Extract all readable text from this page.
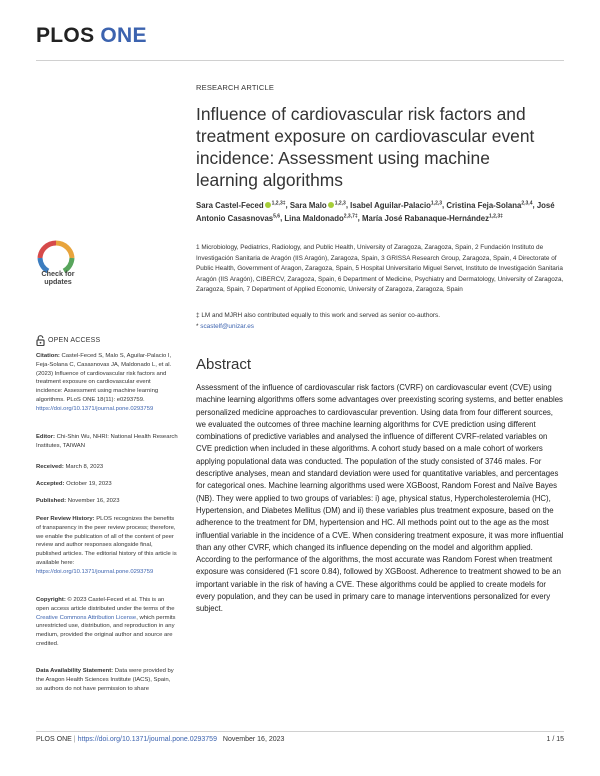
PLOS ONE
RESEARCH ARTICLE
Influence of cardiovascular risk factors and treatment exposure on cardiovascular event incidence: Assessment using machine learning algorithms
Sara Castel-Feced $^{1,2,3\ddagger}$, Sara Malo $^{1,2,3}$, Isabel Aguilar-Palacio$^{1,2,3}$, Cristina Feja-Solana$^{2,3,4}$, José Antonio Casasnovas$^{5,6}$, Lina Maldonado$^{2,3,7\ddagger}$, María José Rabanaque-Hernández$^{1,2,3\ddagger}$
1 Microbiology, Pediatrics, Radiology, and Public Health, University of Zaragoza, Zaragoza, Spain, 2 Fundación Instituto de Investigación Sanitaria de Aragón (IIS Aragón), Zaragoza, Spain, 3 GRISSA Research Group, Zaragoza, Spain, 4 Directorate of Public Health, Government of Aragon, Zaragoza, Spain, 5 Hospital Universitario Miguel Servet, Instituto de Investigación Sanitaria Aragón (IIS Aragón), CIBERCV, Zaragoza, Spain, 6 Department of Medicine, Psychiatry and Dermatology, University of Zaragoza, Zaragoza, Spain, 7 Department of Applied Economic, University of Zaragoza, Zaragoza, Spain
‡ LM and MJRH also contributed equally to this work and served as senior co-authors.
* scastelf@unizar.es
Check for
updates
OPEN ACCESS
Citation: Castel-Feced S, Malo S, Aguilar-Palacio I, Feja-Solana C, Casasnovas JA, Maldonado L, et al. (2023) Influence of cardiovascular risk factors and treatment exposure on cardiovascular event incidence: Assessment using machine learning algorithms. PLoS ONE 18(11): e0293759. https://doi.org/10.1371/journal.pone.0293759
Editor: Chi-Shin Wu, NHRI: National Health Research Institutes, TAIWAN
Received: March 8, 2023
Accepted: October 19, 2023
Published: November 16, 2023
Peer Review History: PLOS recognizes the benefits of transparency in the peer review process; therefore, we enable the publication of all of the content of peer review and author responses alongside final, published articles. The editorial history of this article is available here: https://doi.org/10.1371/journal.pone.0293759
Copyright: © 2023 Castel-Feced et al. This is an open access article distributed under the terms of the Creative Commons Attribution License, which permits unrestricted use, distribution, and reproduction in any medium, provided the original author and source are credited.
Data Availability Statement: Data were provided by the Aragon Health Sciences Institute (IACS), Spain, so authors do not have permission to share
Abstract

Assessment of the influence of cardiovascular risk factors (CVRF) on cardiovascular event (CVE) using machine learning algorithms offers some advantages over preexisting scoring systems, and better enables personalized medicine approaches to cardiovascular prevention. Using data from four different sources, we evaluated the outcomes of three machine learning algorithms for CVE prediction using different combinations of predictive variables and analysed the influence of different CVRF-related variables on CVE prediction when included in these algorithms. A cohort study based on a male cohort of workers applying populational data was conducted. The population of the study consisted of 3746 males. For descriptive analyses, mean and standard deviation were used for quantitative variables, and percentages for categorical ones. Machine learning algorithms used were XGBoost, Random Forest and Naïve Bayes (NB). They were applied to two groups of variables: i) age, physical status, Hypercholesterolemia (HC), Hypertension, and Diabetes Mellitus (DM) and ii) these variables plus treatment exposure, based on the adherence to the treatment for DM, hypertension and HC. All methods point out to the age as the most influential variable in the incidence of a CVE. When considering treatment exposure, it was more influential than any other CVRF, which changed its influence depending on the model and algorithm applied. According to the performance of the algorithms, the most accurate was Random Forest when treatment exposure was considered (F1 score 0.84), followed by XGBoost. Adherence to treatment showed to be an important variable in the risk of having a CVE. These algorithms could be applied to create models for every population, and they can be used in primary care to manage interventions personalized for every subject.

PLOS ONE | https://doi.org/10.1371/journal.pone.0293759 November 16, 2023	1 / 15
